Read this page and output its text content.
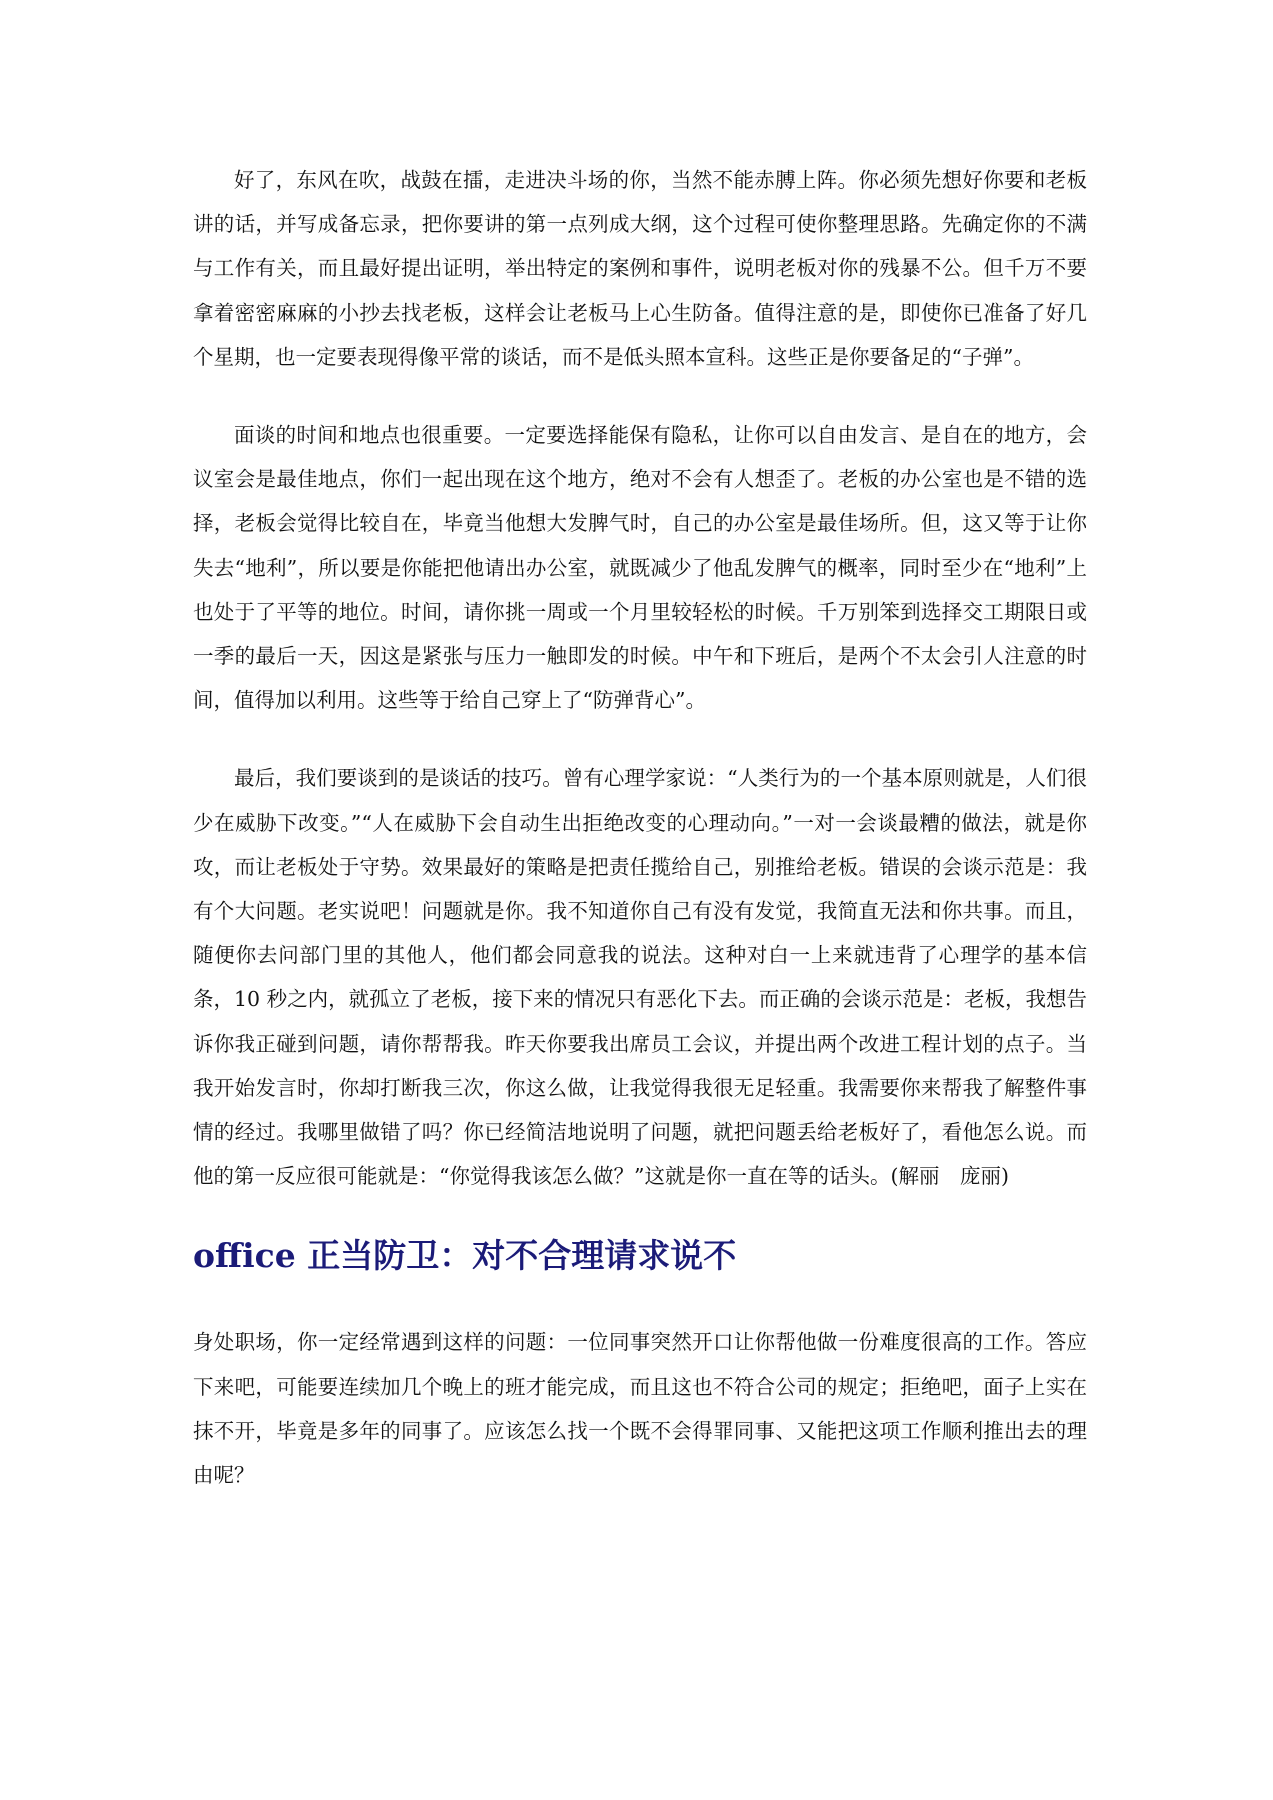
好了，东风在吹，战鼓在擂，走进决斗场的你，当然不能赤膊上阵。你必须先想好你要和老板讲的话，并写成备忘录，把你要讲的第一点列成大纲，这个过程可使你整理思路。先确定你的不满与工作有关，而且最好提出证明，举出特定的案例和事件，说明老板对你的残暴不公。但千万不要拿着密密麻麻的小抄去找老板，这样会让老板马上心生防备。值得注意的是，即使你已准备了好几个星期，也一定要表现得像平常的谈话，而不是低头照本宣科。这些正是你要备足的“子弹”。

面谈的时间和地点也很重要。一定要选择能保有隐私，让你可以自由发言、是自在的地方，会议室会是最佳地点，你们一起出现在这个地方，绝对不会有人想歪了。老板的办公室也是不错的选择，老板会觉得比较自在，毕竟当他想大发脾气时，自己的办公室是最佳场所。但，这又等于让你失去“地利”，所以要是你能把他请出办公室，就既减少了他乱发脾气的概率，同时至少在“地利”上也处于了平等的地位。时间，请你挑一周或一个月里较轻松的时候。千万别笨到选择交工期限日或一季的最后一天，因这是紧张与压力一触即发的时候。中午和下班后，是两个不太会引人注意的时间，值得加以利用。这些等于给自己穿上了“防弹背心”。

最后，我们要谈到的是谈话的技巧。曾有心理学家说：“人类行为的一个基本原则就是，人们很少在威胁下改变。”“人在威胁下会自动生出拒绝改变的心理动向。”一对一会谈最糟的做法，就是你攻，而让老板处于守势。效果最好的策略是把责任揽给自己，别推给老板。错误的会谈示范是：我有个大问题。老实说吧！问题就是你。我不知道你自己有没有发觉，我简直无法和你共事。而且，随便你去问部门里的其他人，他们都会同意我的说法。这种对白一上来就违背了心理学的基本信条，10 秒之内，就孤立了老板，接下来的情况只有恶化下去。而正确的会谈示范是：老板，我想告诉你我正碰到问题，请你帮帮我。昨天你要我出席员工会议，并提出两个改进工程计划的点子。当我开始发言时，你却打断我三次，你这么做，让我觉得我很无足轻重。我需要你来帮我了解整件事情的经过。我哪里做错了吗？你已经简洁地说明了问题，就把问题丢给老板好了，看他怎么说。而他的第一反应很可能就是：“你觉得我该怎么做？”这就是你一直在等的话头。(解丽　庞丽)

office 正当防卫：对不合理请求说不

身处职场，你一定经常遇到这样的问题：一位同事突然开口让你帮他做一份难度很高的工作。答应下来吧，可能要连续加几个晚上的班才能完成，而且这也不符合公司的规定；拒绝吧，面子上实在抹不开，毕竟是多年的同事了。应该怎么找一个既不会得罪同事、又能把这项工作顺利推出去的理由呢？
